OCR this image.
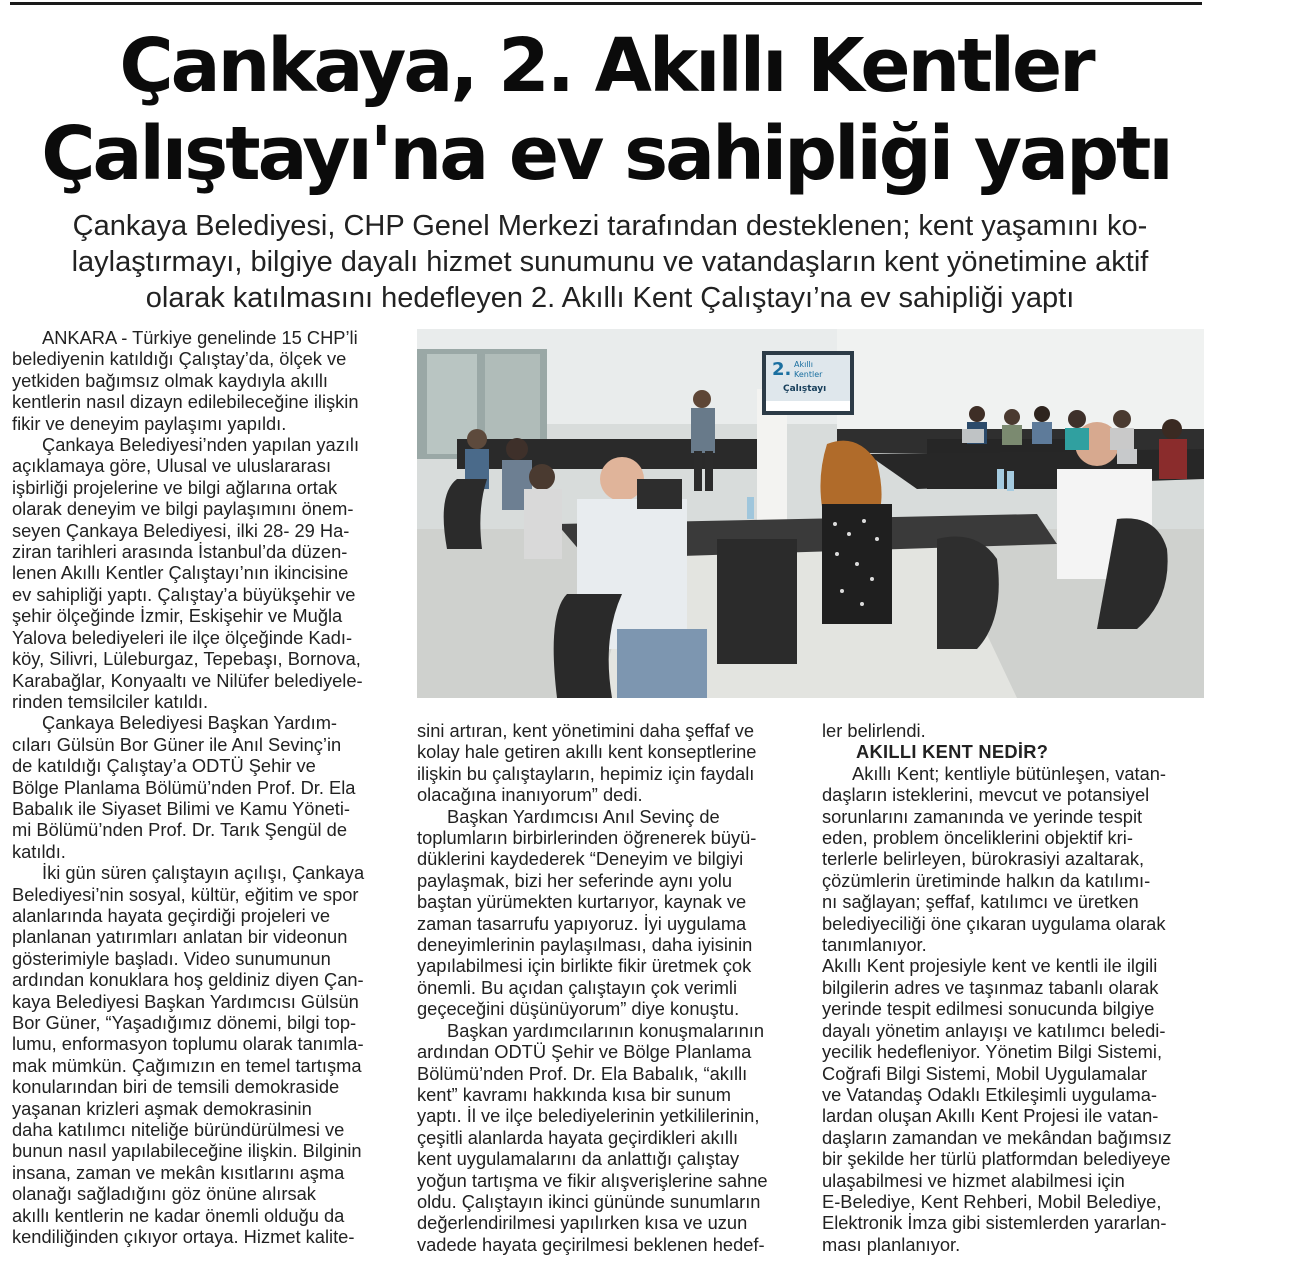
Çankaya, 2. Akıllı Kentler
Çalıştayı'na ev sahipliği yaptı

Çankaya Belediyesi, CHP Genel Merkezi tarafından desteklenen; kent yaşamını ko-
laylaştırmayı, bilgiye dayalı hizmet sunumunu ve vatandaşların kent yönetimine aktif
olarak katılmasını hedefleyen 2. Akıllı Kent Çalıştayı’na ev sahipliği yaptı

2. Akıllı
Kentler
Çalıştayı
ANKARA - Türkiye genelinde 15 CHP’li
belediyenin katıldığı Çalıştay’da, ölçek ve
yetkiden bağımsız olmak kaydıyla akıllı
kentlerin nasıl dizayn edilebileceğine ilişkin
fikir ve deneyim paylaşımı yapıldı.
Çankaya Belediyesi’nden yapılan yazılı
açıklamaya göre, Ulusal ve uluslararası
işbirliği projelerine ve bilgi ağlarına ortak
olarak deneyim ve bilgi paylaşımını önem-
seyen Çankaya Belediyesi, ilki 28- 29 Ha-
ziran tarihleri arasında İstanbul’da düzen-
lenen Akıllı Kentler Çalıştayı’nın ikincisine
ev sahipliği yaptı. Çalıştay’a büyükşehir ve
şehir ölçeğinde İzmir, Eskişehir ve Muğla
Yalova belediyeleri ile ilçe ölçeğinde Kadı-
köy, Silivri, Lüleburgaz, Tepebaşı, Bornova,
Karabağlar, Konyaaltı ve Nilüfer belediyele-
rinden temsilciler katıldı.
Çankaya Belediyesi Başkan Yardım-
cıları Gülsün Bor Güner ile Anıl Sevinç’in
de katıldığı Çalıştay’a ODTÜ Şehir ve
Bölge Planlama Bölümü’nden Prof. Dr. Ela
Babalık ile Siyaset Bilimi ve Kamu Yöneti-
mi Bölümü’nden Prof. Dr. Tarık Şengül de
katıldı.
İki gün süren çalıştayın açılışı, Çankaya
Belediyesi’nin sosyal, kültür, eğitim ve spor
alanlarında hayata geçirdiği projeleri ve
planlanan yatırımları anlatan bir videonun
gösterimiyle başladı. Video sunumunun
ardından konuklara hoş geldiniz diyen Çan-
kaya Belediyesi Başkan Yardımcısı Gülsün
Bor Güner, “Yaşadığımız dönemi, bilgi top-
lumu, enformasyon toplumu olarak tanımla-
mak mümkün. Çağımızın en temel tartışma
konularından biri de temsili demokraside
yaşanan krizleri aşmak demokrasinin
daha katılımcı niteliğe büründürülmesi ve
bunun nasıl yapılabileceğine ilişkin. Bilginin
insana, zaman ve mekân kısıtlarını aşma
olanağı sağladığını göz önüne alırsak
akıllı kentlerin ne kadar önemli olduğu da
kendiliğinden çıkıyor ortaya. Hizmet kalite-
sini artıran, kent yönetimini daha şeffaf ve
kolay hale getiren akıllı kent konseptlerine
ilişkin bu çalıştayların, hepimiz için faydalı
olacağına inanıyorum” dedi.
Başkan Yardımcısı Anıl Sevinç de
toplumların birbirlerinden öğrenerek büyü-
düklerini kaydederek “Deneyim ve bilgiyi
paylaşmak, bizi her seferinde aynı yolu
baştan yürümekten kurtarıyor, kaynak ve
zaman tasarrufu yapıyoruz. İyi uygulama
deneyimlerinin paylaşılması, daha iyisinin
yapılabilmesi için birlikte fikir üretmek çok
önemli. Bu açıdan çalıştayın çok verimli
geçeceğini düşünüyorum” diye konuştu.
Başkan yardımcılarının konuşmalarının
ardından ODTÜ Şehir ve Bölge Planlama
Bölümü’nden Prof. Dr. Ela Babalık, “akıllı
kent” kavramı hakkında kısa bir sunum
yaptı. İl ve ilçe belediyelerinin yetkililerinin,
çeşitli alanlarda hayata geçirdikleri akıllı
kent uygulamalarını da anlattığı çalıştay
yoğun tartışma ve fikir alışverişlerine sahne
oldu. Çalıştayın ikinci gününde sunumların
değerlendirilmesi yapılırken kısa ve uzun
vadede hayata geçirilmesi beklenen hedef-
ler belirlendi.
AKILLI KENT NEDİR?
Akıllı Kent; kentliyle bütünleşen, vatan-
daşların isteklerini, mevcut ve potansiyel
sorunlarını zamanında ve yerinde tespit
eden, problem önceliklerini objektif kri-
terlerle belirleyen, bürokrasiyi azaltarak,
çözümlerin üretiminde halkın da katılımı-
nı sağlayan; şeffaf, katılımcı ve üretken
belediyeciliği öne çıkaran uygulama olarak
tanımlanıyor.
Akıllı Kent projesiyle kent ve kentli ile ilgili
bilgilerin adres ve taşınmaz tabanlı olarak
yerinde tespit edilmesi sonucunda bilgiye
dayalı yönetim anlayışı ve katılımcı beledi-
yecilik hedefleniyor. Yönetim Bilgi Sistemi,
Coğrafi Bilgi Sistemi, Mobil Uygulamalar
ve Vatandaş Odaklı Etkileşimli uygulama-
lardan oluşan Akıllı Kent Projesi ile vatan-
daşların zamandan ve mekândan bağımsız
bir şekilde her türlü platformdan belediyeye
ulaşabilmesi ve hizmet alabilmesi için
E-Belediye, Kent Rehberi, Mobil Belediye,
Elektronik İmza gibi sistemlerden yararlan-
ması planlanıyor.
